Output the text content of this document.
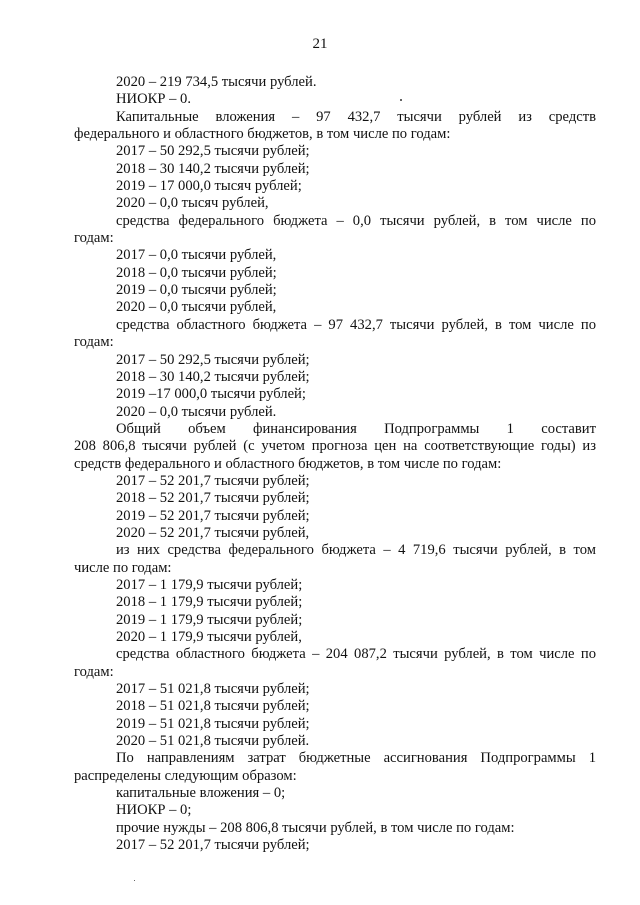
21
2020 – 219 734,5 тысячи рублей.
НИОКР – 0.
Капитальные вложения – 97 432,7 тысячи рублей из средств
федерального и областного бюджетов, в том числе по годам:
2017 – 50 292,5 тысячи рублей;
2018 – 30 140,2 тысячи рублей;
2019 – 17 000,0 тысяч рублей;
2020 – 0,0 тысяч рублей,
средства федерального бюджета – 0,0 тысячи рублей, в том числе по
годам:
2017 – 0,0 тысячи рублей,
2018 – 0,0 тысячи рублей;
2019 – 0,0 тысячи рублей;
2020 – 0,0 тысячи рублей,
средства областного бюджета – 97 432,7 тысячи рублей, в том числе по
годам:
2017 – 50 292,5 тысячи рублей;
2018 – 30 140,2 тысячи рублей;
2019 –17 000,0 тысячи рублей;
2020 – 0,0 тысячи рублей.
Общий объем финансирования Подпрограммы 1 составит
208 806,8 тысячи рублей (с учетом прогноза цен на соответствующие годы) из
средств федерального и областного бюджетов, в том числе по годам:
2017 – 52 201,7 тысячи рублей;
2018 – 52 201,7 тысячи рублей;
2019 – 52 201,7 тысячи рублей;
2020 – 52 201,7 тысячи рублей,
из них средства федерального бюджета – 4 719,6 тысячи рублей, в том
числе по годам:
2017 – 1 179,9 тысячи рублей;
2018 – 1 179,9 тысячи рублей;
2019 – 1 179,9 тысячи рублей;
2020 – 1 179,9 тысячи рублей,
средства областного бюджета – 204 087,2 тысячи рублей, в том числе по
годам:
2017 – 51 021,8 тысячи рублей;
2018 – 51 021,8 тысячи рублей;
2019 – 51 021,8 тысячи рублей;
2020 – 51 021,8 тысячи рублей.
По направлениям затрат бюджетные ассигнования Подпрограммы 1
распределены следующим образом:
капитальные вложения – 0;
НИОКР – 0;
прочие нужды – 208 806,8 тысячи рублей, в том числе по годам:
2017 – 52 201,7 тысячи рублей;
